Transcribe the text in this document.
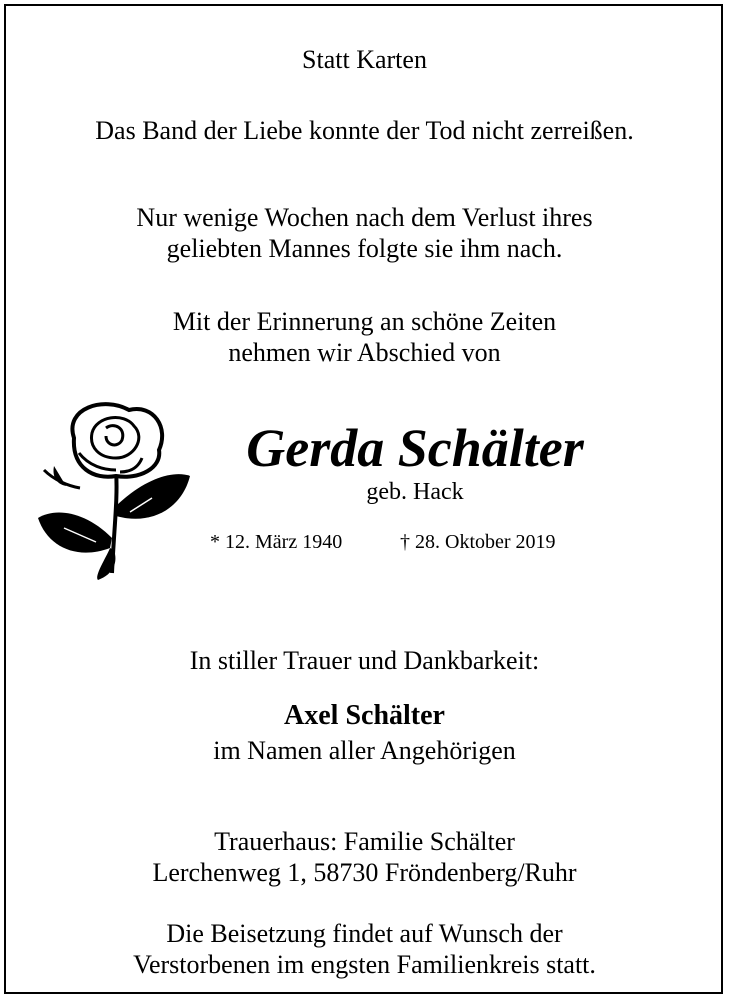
Statt Karten

Das Band der Liebe konnte der Tod nicht zerreißen.

Nur wenige Wochen nach dem Verlust ihres

geliebten Mannes folgte sie ihm nach.

Mit der Erinnerung an schöne Zeiten

nehmen wir Abschied von

Gerda Schälter
geb. Hack
* 12. März 1940	† 28. Oktober 2019

In stiller Trauer und Dankbarkeit:

Axel Schälter

im Namen aller Angehörigen

Trauerhaus: Familie Schälter

Lerchenweg 1, 58730 Fröndenberg/Ruhr

Die Beisetzung findet auf Wunsch der

Verstorbenen im engsten Familienkreis statt.
